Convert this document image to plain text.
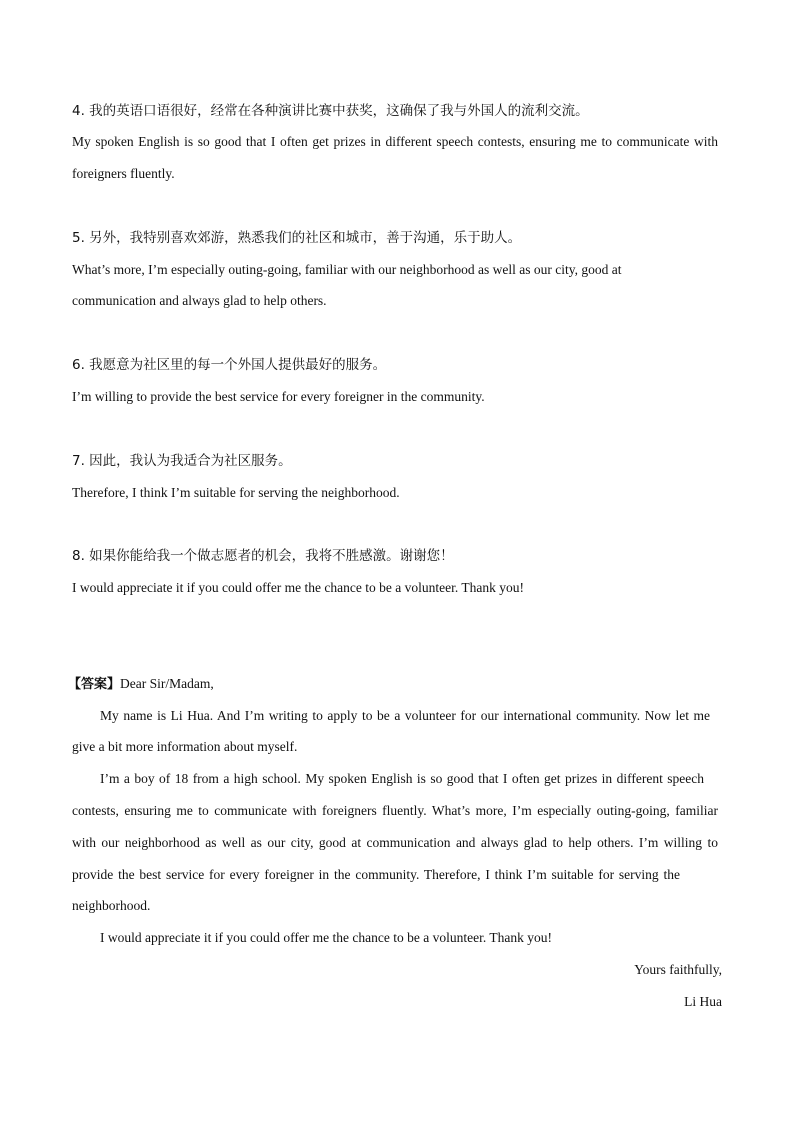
4. 我的英语口语很好，经常在各种演讲比赛中获奖，这确保了我与外国人的流利交流。
My spoken English is so good that I often get prizes in different speech contests, ensuring me to communicate with
foreigners fluently.
5. 另外，我特别喜欢郊游，熟悉我们的社区和城市，善于沟通，乐于助人。
What’s more, I’m especially outing-going, familiar with our neighborhood as well as our city, good at
communication and always glad to help others.
6. 我愿意为社区里的每一个外国人提供最好的服务。
I’m willing to provide the best service for every foreigner in the community.
7. 因此，我认为我适合为社区服务。
Therefore, I think I’m suitable for serving the neighborhood.
8. 如果你能给我一个做志愿者的机会，我将不胜感激。谢谢您！
I would appreciate it if you could offer me the chance to be a volunteer. Thank you!
【答案】Dear Sir/Madam,
My name is Li Hua. And I’m writing to apply to be a volunteer for our international community. Now let me
give a bit more information about myself.
I’m a boy of 18 from a high school. My spoken English is so good that I often get prizes in different speech
contests, ensuring me to communicate with foreigners fluently. What’s more, I’m especially outing-going, familiar
with our neighborhood as well as our city, good at communication and always glad to help others. I’m willing to
provide the best service for every foreigner in the community. Therefore, I think I’m suitable for serving the
neighborhood.
I would appreciate it if you could offer me the chance to be a volunteer. Thank you!
Yours faithfully,
Li Hua
